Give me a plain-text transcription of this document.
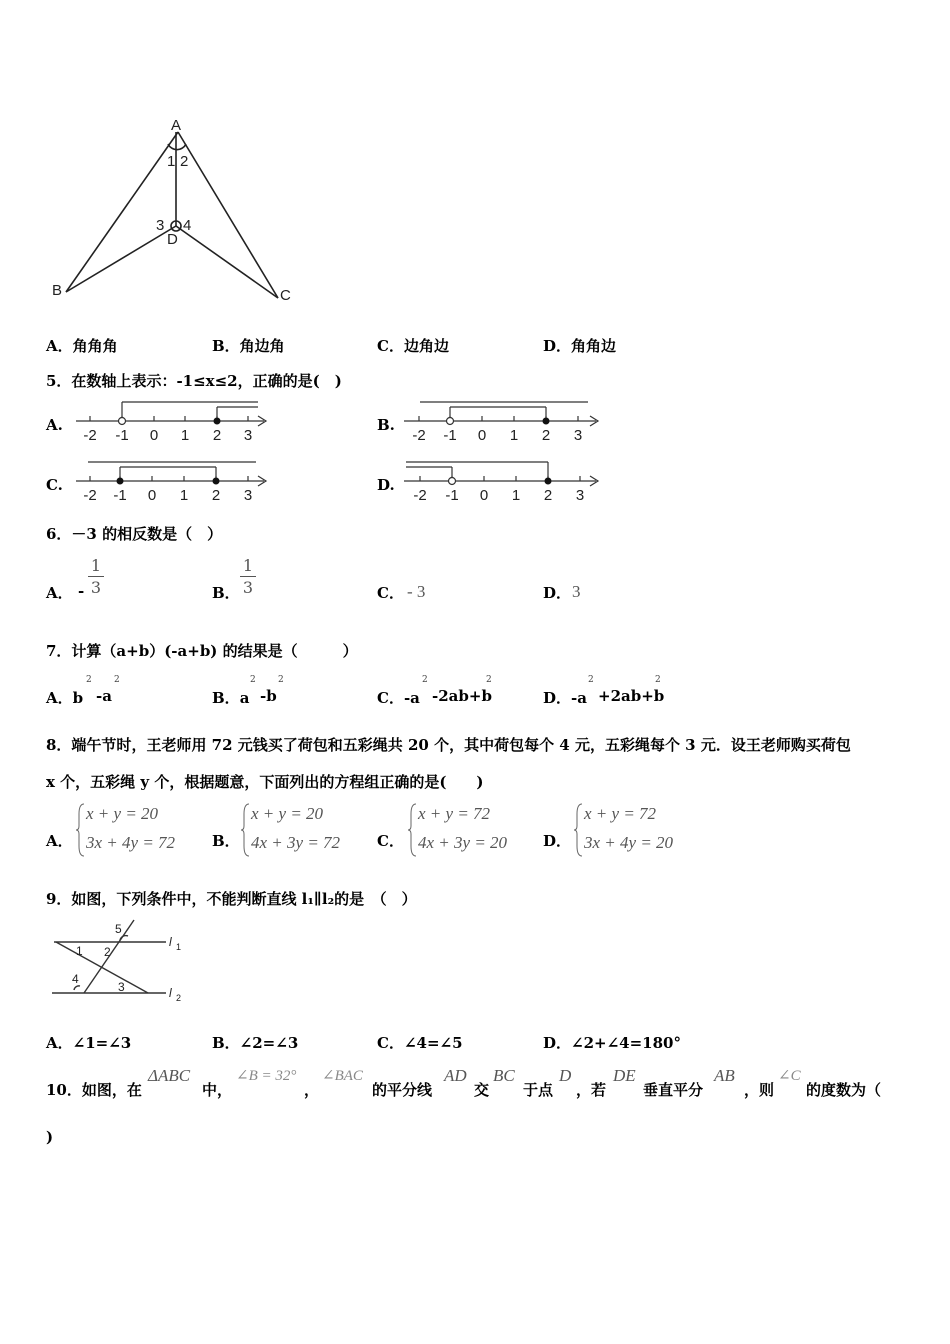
A
B	C
D
1 2
3 4
A．角角角	B．角边角	C．边角边	D．角角边
5．在数轴上表示：-1≤x≤2，正确的是(　)
A.
-2 -1 0 1 2 3
B.
-2 -1 0 1 2 3
C.
-2 -1 0 1 2 3
D.
-2 -1 0 1 2 3
6．－3 的相反数是（　）
A． -
1
3	B．
1
3	C． - 3	D． 3
7．计算（a+b）(-a+b) 的结果是（　　　）
A．b
2
-a
2
B．a
2
-b
2
C．-a
2
-2ab+b
2
D．-a
2
+2ab+b
2
8．端午节时，王老师用 72 元钱买了荷包和五彩绳共 20 个，其中荷包每个 4 元，五彩绳每个 3 元．设王老师购买荷包
x 个，五彩绳 y 个，根据题意，下面列出的方程组正确的是(　　)
A．
x + y = 20
3x + 4y = 72 B．
x + y = 20
4x + 3y = 72 C．
x + y = 72
4x + 3y = 20 D．
x + y = 72
3x + 4y = 20
9．如图，下列条件中，不能判断直线 l₁∥l₂的是　（　）
5
1 2
4
3
l 1
l 2
A．∠1=∠3	B．∠2=∠3	C．∠4=∠5	D．∠2+∠4=180°
10．如图，在
ΔABC
中，
∠B = 32°
，
∠BAC
的平分线
AD
交
BC
于点
D
，若
DE
垂直平分
AB
，则
∠C
的度数为（
)
